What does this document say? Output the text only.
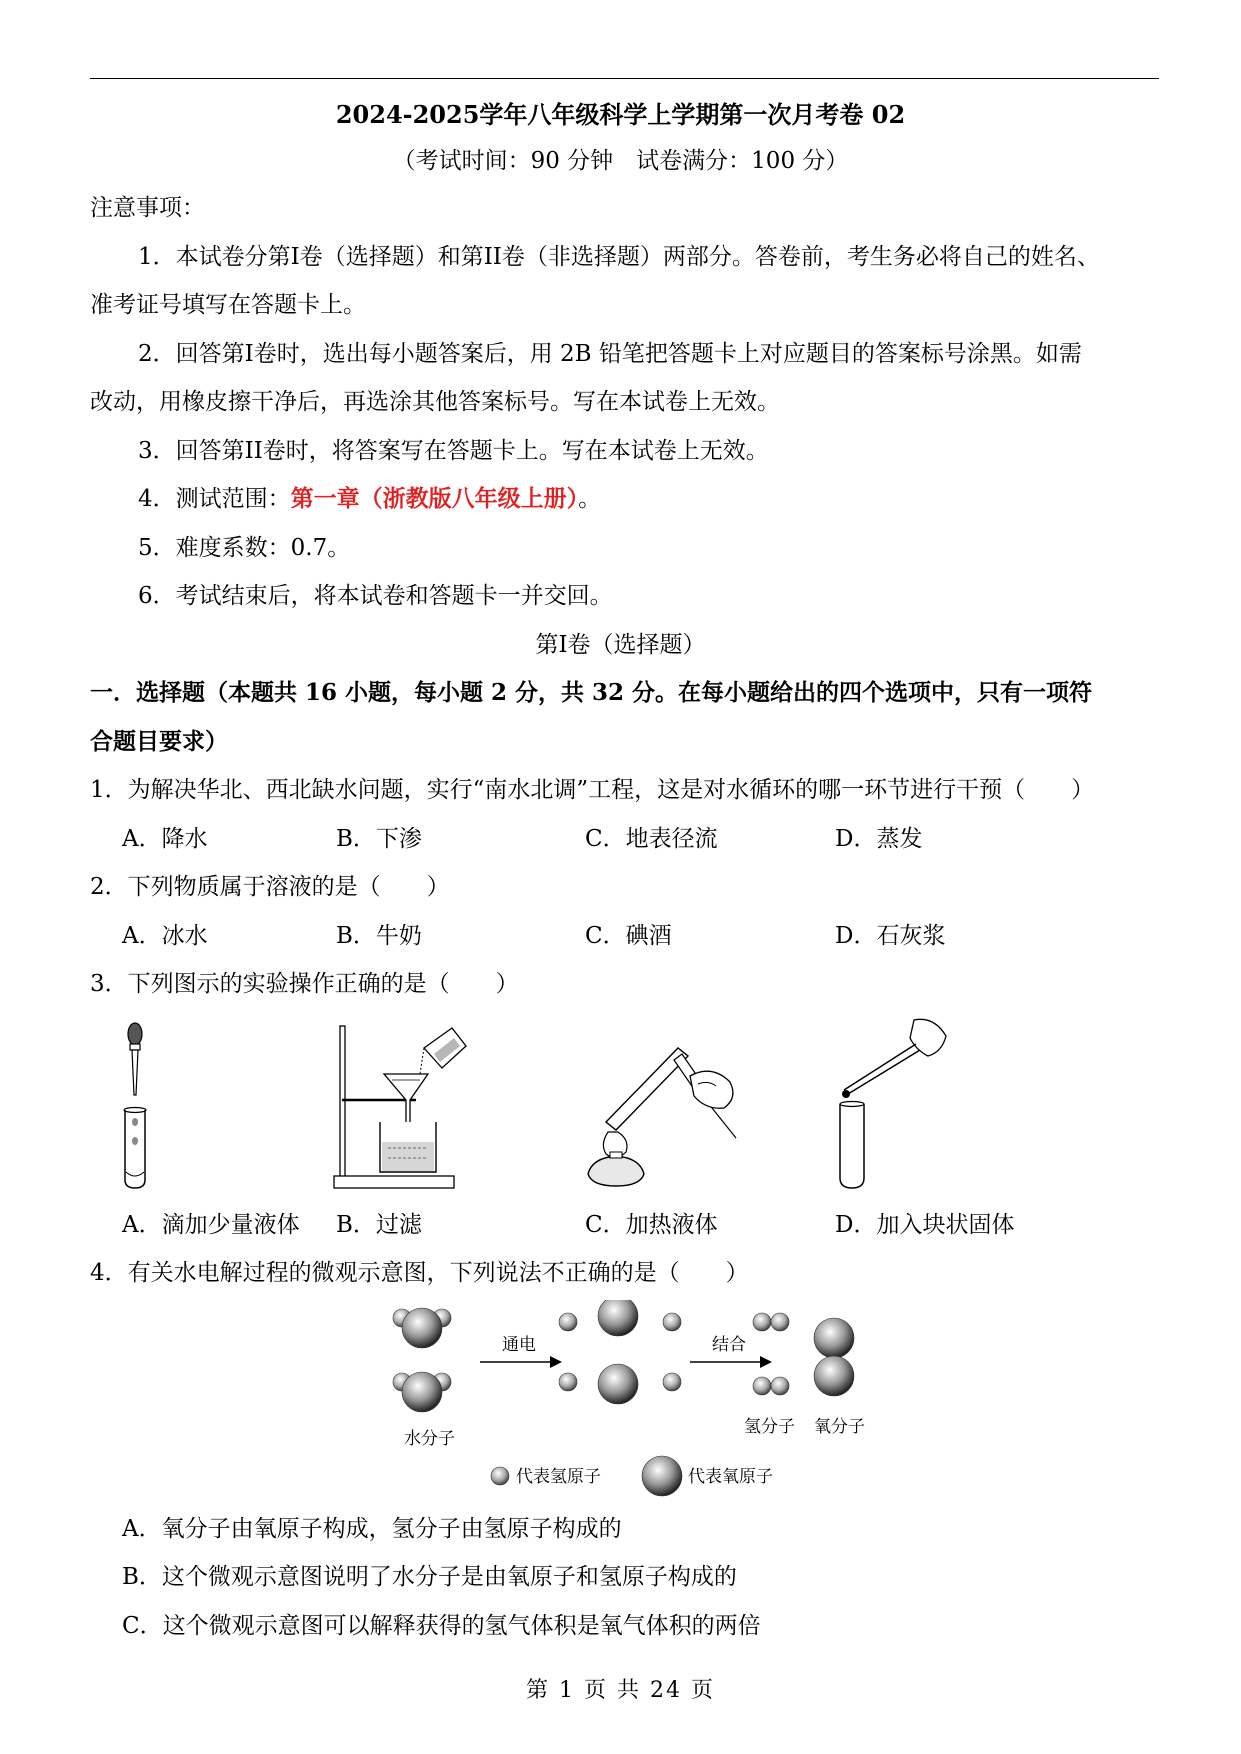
2024-2025学年八年级科学上学期第一次月考卷 02
（考试时间：90 分钟　试卷满分：100 分）
注意事项：
1．本试卷分第I卷（选择题）和第II卷（非选择题）两部分。答卷前，考生务必将自己的姓名、
准考证号填写在答题卡上。
2．回答第I卷时，选出每小题答案后，用 2B 铅笔把答题卡上对应题目的答案标号涂黑。如需
改动，用橡皮擦干净后，再选涂其他答案标号。写在本试卷上无效。
3．回答第II卷时，将答案写在答题卡上。写在本试卷上无效。
4．测试范围：第一章（浙教版八年级上册）。
5．难度系数：0.7。
6．考试结束后，将本试卷和答题卡一并交回。
第I卷（选择题）
一．选择题（本题共 16 小题，每小题 2 分，共 32 分。在每小题给出的四个选项中，只有一项符
合题目要求）
1．为解决华北、西北缺水问题，实行“南水北调”工程，这是对水循环的哪一环节进行干预（　　）
A．降水	B．下渗	C．地表径流	D．蒸发
2．下列物质属于溶液的是（　　）
A．冰水	B．牛奶	C．碘酒	D．石灰浆
3．下列图示的实验操作正确的是（　　）
A．滴加少量液体 B．过滤	C．加热液体	D．加入块状固体
4．有关水电解过程的微观示意图，下列说法不正确的是（　　）
通电	结合
水分子
氢分子 氧分子
代表氢原子	代表氧原子
A．氧分子由氧原子构成，氢分子由氢原子构成的
B．这个微观示意图说明了水分子是由氧原子和氢原子构成的
C．这个微观示意图可以解释获得的氢气体积是氧气体积的两倍
第 1 页 共 24 页
